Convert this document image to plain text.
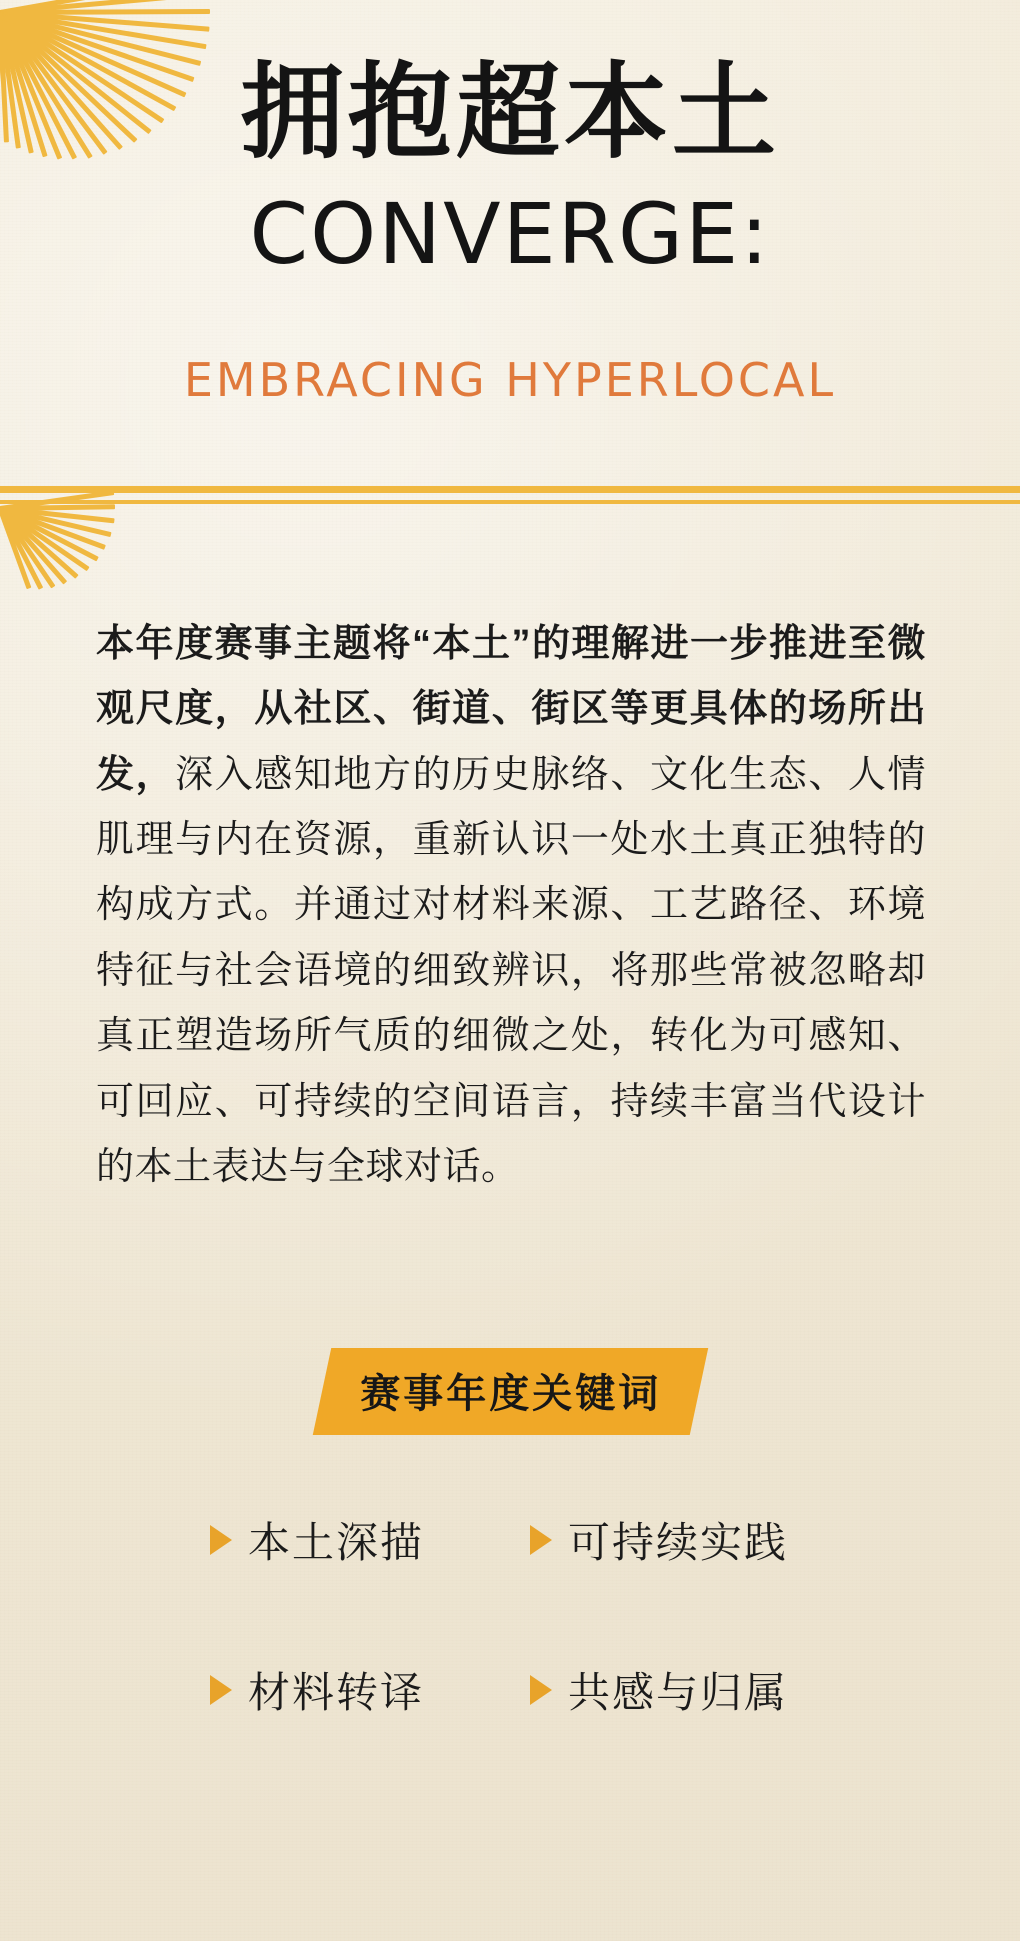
拥抱超本土
CONVERGE:
EMBRACING HYPERLOCAL

本年度赛事主题将“本土”的理解进一步推进至微观尺度，从社区、街道、街区等更具体的场所出发，深入感知地方的历史脉络、文化生态、人情肌理与内在资源，重新认识一处水土真正独特的构成方式。并通过对材料来源、工艺路径、环境特征与社会语境的细致辨识，将那些常被忽略却真正塑造场所气质的细微之处，转化为可感知、可回应、可持续的空间语言，持续丰富当代设计的本土表达与全球对话。

赛事年度关键词
本土深描	可持续实践
材料转译	共感与归属
